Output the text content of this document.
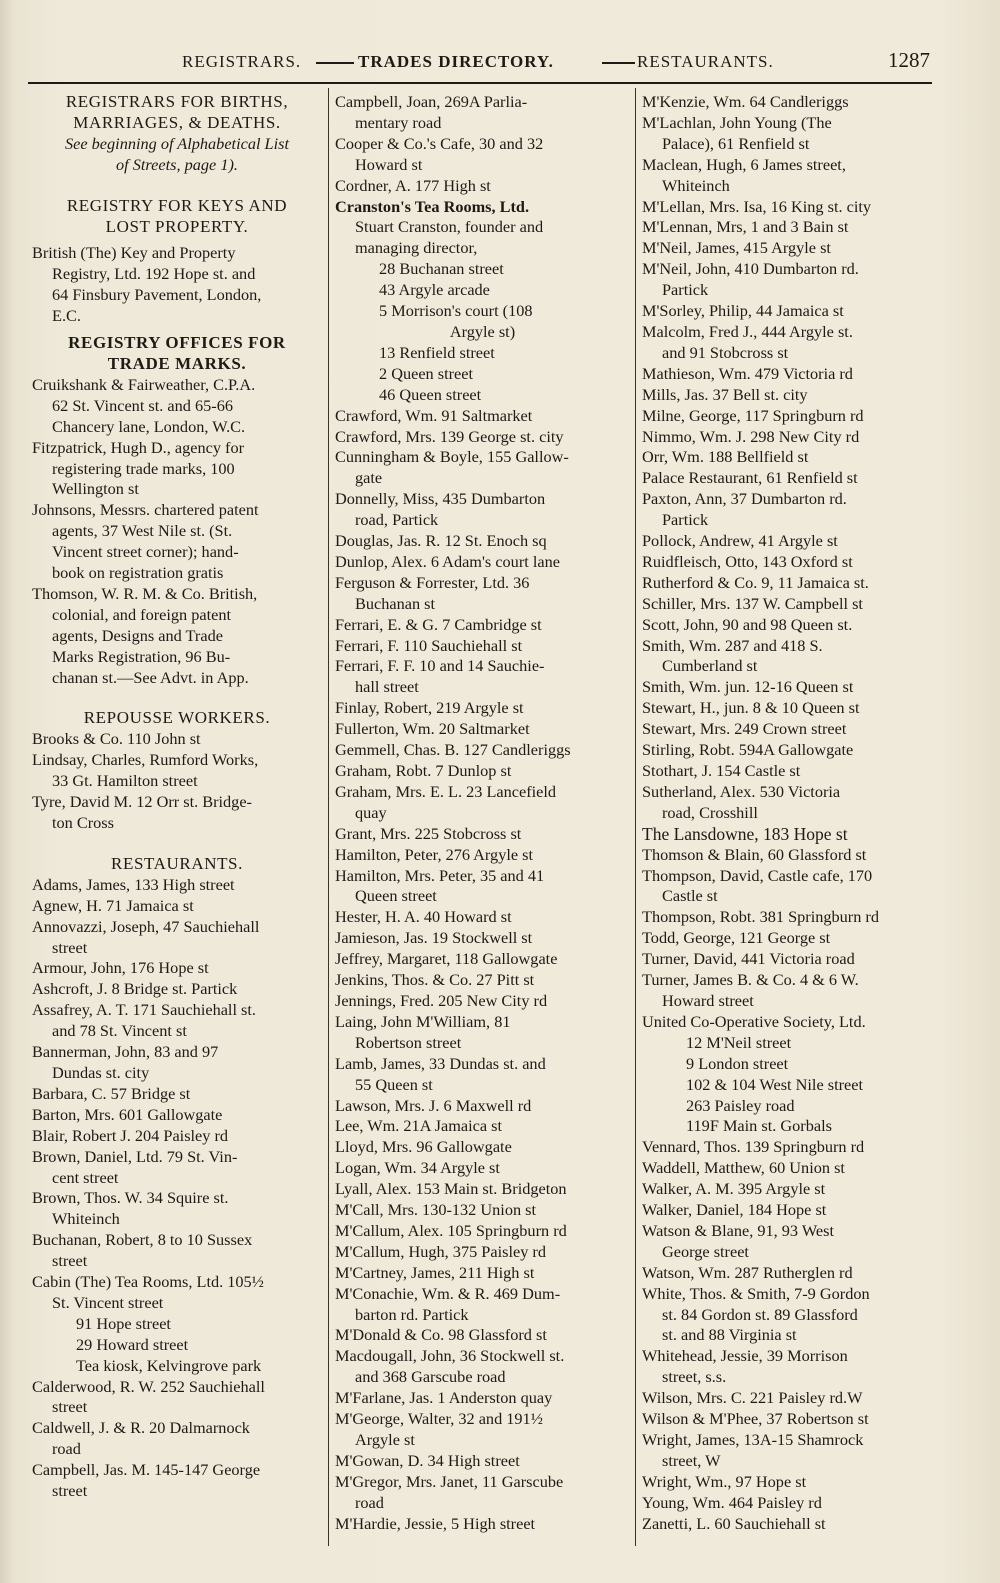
REGISTRARS.	TRADES DIRECTORY.	RESTAURANTS.	1287
REGISTRARS FOR BIRTHS,
MARRIAGES, & DEATHS.
See beginning of Alphabetical List
of Streets, page 1).
REGISTRY FOR KEYS AND
LOST PROPERTY.
British (The) Key and Property
Registry, Ltd. 192 Hope st. and
64 Finsbury Pavement, London,
E.C.
REGISTRY OFFICES FOR
TRADE MARKS.
Cruikshank & Fairweather, C.P.A.
62 St. Vincent st. and 65-66
Chancery lane, London, W.C.
Fitzpatrick, Hugh D., agency for
registering trade marks, 100
Wellington st
Johnsons, Messrs. chartered patent
agents, 37 West Nile st. (St.
Vincent street corner); hand-
book on registration gratis
Thomson, W. R. M. & Co. British,
colonial, and foreign patent
agents, Designs and Trade
Marks Registration, 96 Bu-
chanan st.—See Advt. in App.
REPOUSSE WORKERS.
Brooks & Co. 110 John st
Lindsay, Charles, Rumford Works,
33 Gt. Hamilton street
Tyre, David M. 12 Orr st. Bridge-
ton Cross
RESTAURANTS.
Adams, James, 133 High street
Agnew, H. 71 Jamaica st
Annovazzi, Joseph, 47 Sauchiehall
street
Armour, John, 176 Hope st
Ashcroft, J. 8 Bridge st. Partick
Assafrey, A. T. 171 Sauchiehall st.
and 78 St. Vincent st
Bannerman, John, 83 and 97
Dundas st. city
Barbara, C. 57 Bridge st
Barton, Mrs. 601 Gallowgate
Blair, Robert J. 204 Paisley rd
Brown, Daniel, Ltd. 79 St. Vin-
cent street
Brown, Thos. W. 34 Squire st.
Whiteinch
Buchanan, Robert, 8 to 10 Sussex
street
Cabin (The) Tea Rooms, Ltd. 105½
St. Vincent street
91 Hope street
29 Howard street
Tea kiosk, Kelvingrove park
Calderwood, R. W. 252 Sauchiehall
street
Caldwell, J. & R. 20 Dalmarnock
road
Campbell, Jas. M. 145-147 George
street
Campbell, Joan, 269A Parlia-
mentary road
Cooper & Co.'s Cafe, 30 and 32
Howard st
Cordner, A. 177 High st
Cranston's Tea Rooms, Ltd.
Stuart Cranston, founder and
managing director,
28 Buchanan street
43 Argyle arcade
5 Morrison's court (108
Argyle st)
13 Renfield street
2 Queen street
46 Queen street
Crawford, Wm. 91 Saltmarket
Crawford, Mrs. 139 George st. city
Cunningham & Boyle, 155 Gallow-
gate
Donnelly, Miss, 435 Dumbarton
road, Partick
Douglas, Jas. R. 12 St. Enoch sq
Dunlop, Alex. 6 Adam's court lane
Ferguson & Forrester, Ltd. 36
Buchanan st
Ferrari, E. & G. 7 Cambridge st
Ferrari, F. 110 Sauchiehall st
Ferrari, F. F. 10 and 14 Sauchie-
hall street
Finlay, Robert, 219 Argyle st
Fullerton, Wm. 20 Saltmarket
Gemmell, Chas. B. 127 Candleriggs
Graham, Robt. 7 Dunlop st
Graham, Mrs. E. L. 23 Lancefield
quay
Grant, Mrs. 225 Stobcross st
Hamilton, Peter, 276 Argyle st
Hamilton, Mrs. Peter, 35 and 41
Queen street
Hester, H. A. 40 Howard st
Jamieson, Jas. 19 Stockwell st
Jeffrey, Margaret, 118 Gallowgate
Jenkins, Thos. & Co. 27 Pitt st
Jennings, Fred. 205 New City rd
Laing, John M'William, 81
Robertson street
Lamb, James, 33 Dundas st. and
55 Queen st
Lawson, Mrs. J. 6 Maxwell rd
Lee, Wm. 21A Jamaica st
Lloyd, Mrs. 96 Gallowgate
Logan, Wm. 34 Argyle st
Lyall, Alex. 153 Main st. Bridgeton
M'Call, Mrs. 130-132 Union st
M'Callum, Alex. 105 Springburn rd
M'Callum, Hugh, 375 Paisley rd
M'Cartney, James, 211 High st
M'Conachie, Wm. & R. 469 Dum-
barton rd. Partick
M'Donald & Co. 98 Glassford st
Macdougall, John, 36 Stockwell st.
and 368 Garscube road
M'Farlane, Jas. 1 Anderston quay
M'George, Walter, 32 and 191½
Argyle st
M'Gowan, D. 34 High street
M'Gregor, Mrs. Janet, 11 Garscube
road
M'Hardie, Jessie, 5 High street
M'Kenzie, Wm. 64 Candleriggs
M'Lachlan, John Young (The
Palace), 61 Renfield st
Maclean, Hugh, 6 James street,
Whiteinch
M'Lellan, Mrs. Isa, 16 King st. city
M'Lennan, Mrs, 1 and 3 Bain st
M'Neil, James, 415 Argyle st
M'Neil, John, 410 Dumbarton rd.
Partick
M'Sorley, Philip, 44 Jamaica st
Malcolm, Fred J., 444 Argyle st.
and 91 Stobcross st
Mathieson, Wm. 479 Victoria rd
Mills, Jas. 37 Bell st. city
Milne, George, 117 Springburn rd
Nimmo, Wm. J. 298 New City rd
Orr, Wm. 188 Bellfield st
Palace Restaurant, 61 Renfield st
Paxton, Ann, 37 Dumbarton rd.
Partick
Pollock, Andrew, 41 Argyle st
Ruidfleisch, Otto, 143 Oxford st
Rutherford & Co. 9, 11 Jamaica st.
Schiller, Mrs. 137 W. Campbell st
Scott, John, 90 and 98 Queen st.
Smith, Wm. 287 and 418 S.
Cumberland st
Smith, Wm. jun. 12-16 Queen st
Stewart, H., jun. 8 & 10 Queen st
Stewart, Mrs. 249 Crown street
Stirling, Robt. 594A Gallowgate
Stothart, J. 154 Castle st
Sutherland, Alex. 530 Victoria
road, Crosshill
The Lansdowne, 183 Hope st
Thomson & Blain, 60 Glassford st
Thompson, David, Castle cafe, 170
Castle st
Thompson, Robt. 381 Springburn rd
Todd, George, 121 George st
Turner, David, 441 Victoria road
Turner, James B. & Co. 4 & 6 W.
Howard street
United Co-Operative Society, Ltd.
12 M'Neil street
9 London street
102 & 104 West Nile street
263 Paisley road
119F Main st. Gorbals
Vennard, Thos. 139 Springburn rd
Waddell, Matthew, 60 Union st
Walker, A. M. 395 Argyle st
Walker, Daniel, 184 Hope st
Watson & Blane, 91, 93 West
George street
Watson, Wm. 287 Rutherglen rd
White, Thos. & Smith, 7-9 Gordon
st. 84 Gordon st. 89 Glassford
st. and 88 Virginia st
Whitehead, Jessie, 39 Morrison
street, s.s.
Wilson, Mrs. C. 221 Paisley rd.W
Wilson & M'Phee, 37 Robertson st
Wright, James, 13A-15 Shamrock
street, W
Wright, Wm., 97 Hope st
Young, Wm. 464 Paisley rd
Zanetti, L. 60 Sauchiehall st
